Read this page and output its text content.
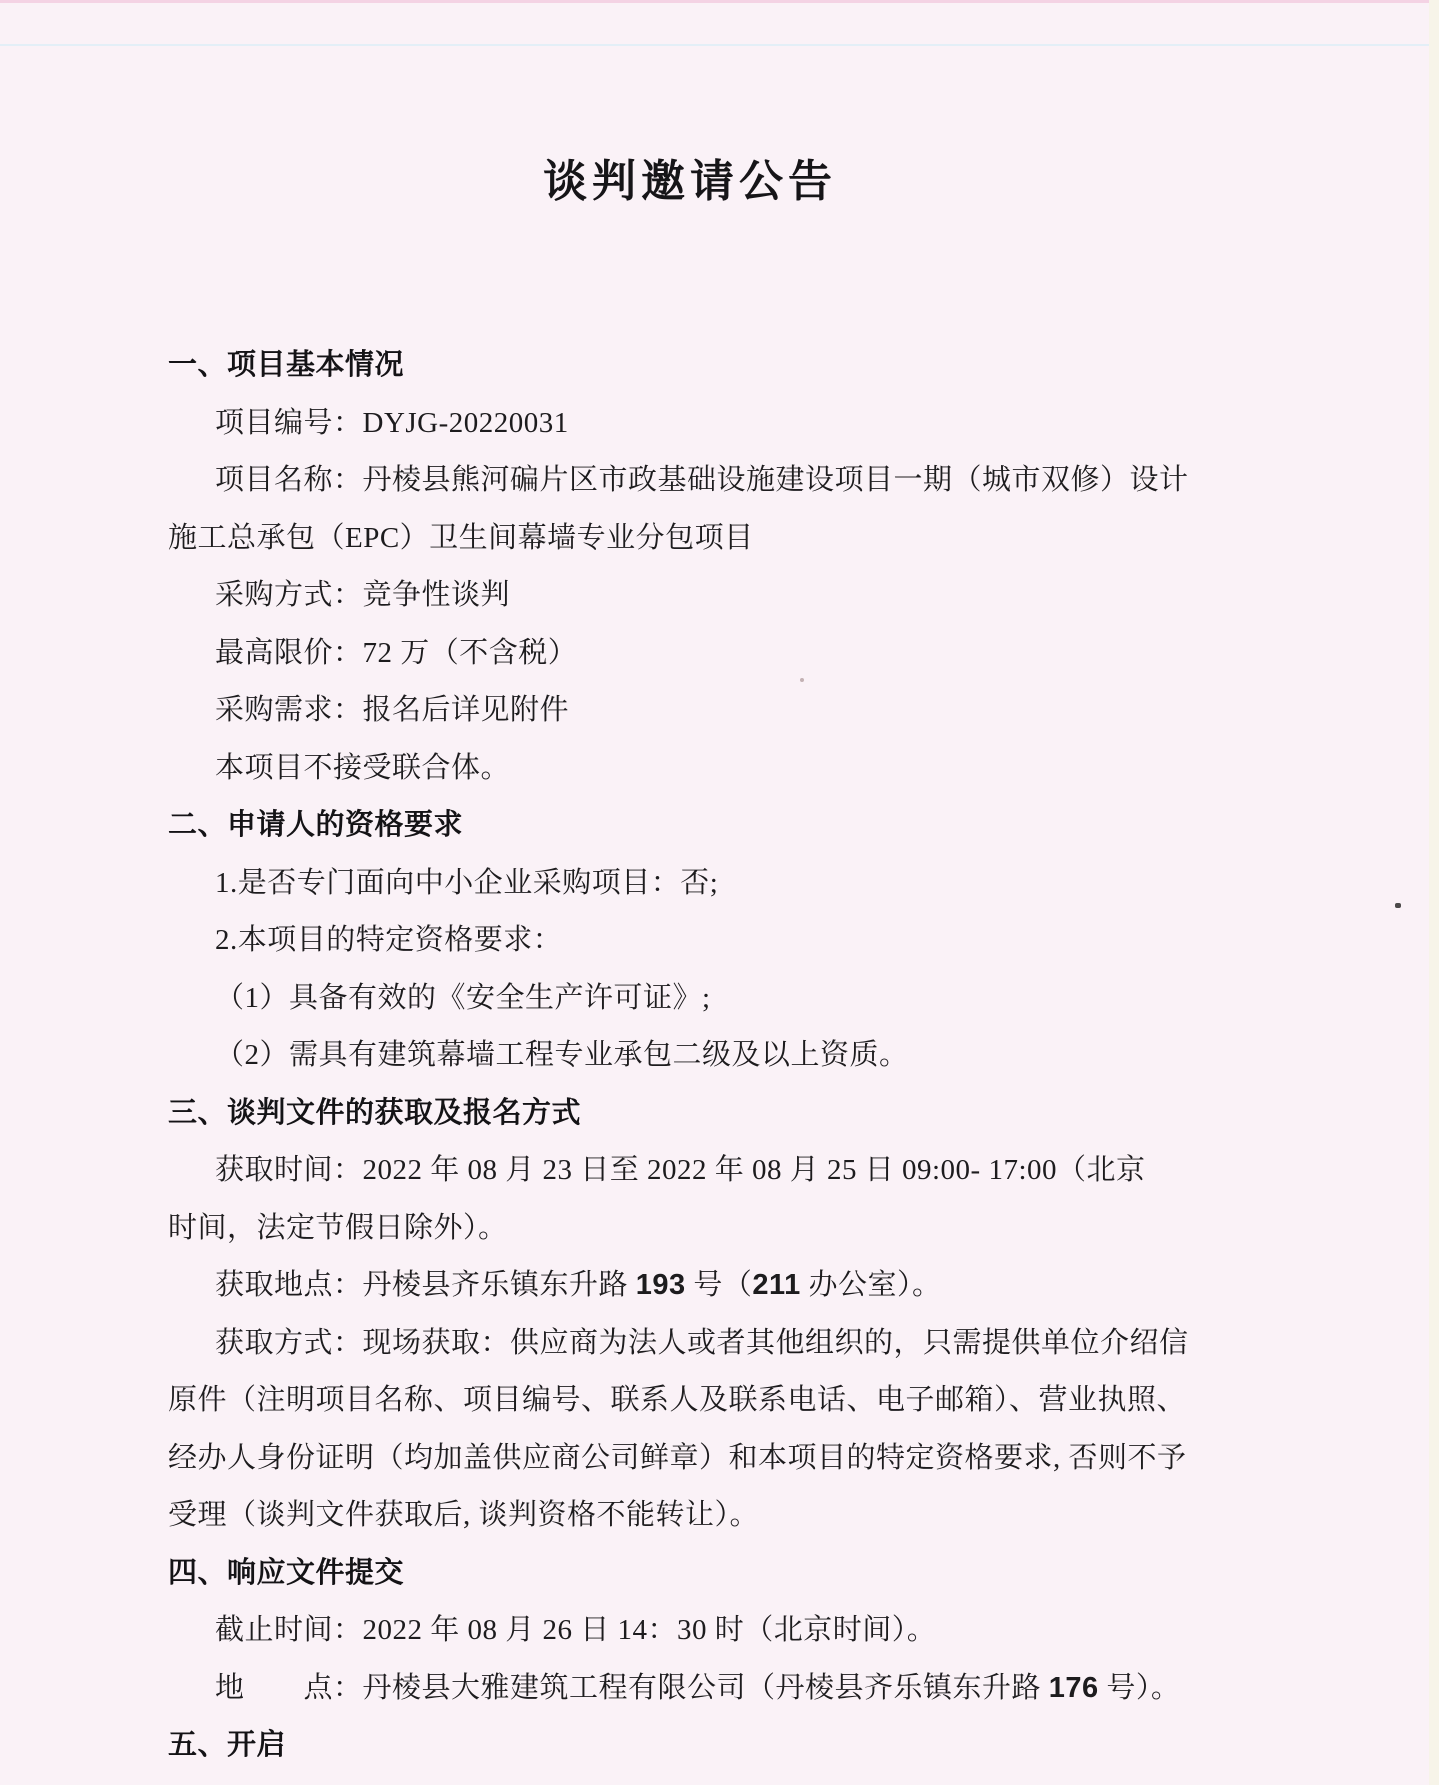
谈判邀请公告
一、项目基本情况
项目编号：DYJG-20220031
项目名称：丹棱县熊河碥片区市政基础设施建设项目一期（城市双修）设计
施工总承包（EPC）卫生间幕墙专业分包项目
采购方式：竞争性谈判
最高限价：72 万（不含税）
采购需求：报名后详见附件
本项目不接受联合体。
二、申请人的资格要求
1.是否专门面向中小企业采购项目：否;
2.本项目的特定资格要求：
（1）具备有效的《安全生产许可证》;
（2）需具有建筑幕墙工程专业承包二级及以上资质。
三、谈判文件的获取及报名方式
获取时间：2022 年 08 月 23 日至 2022 年 08 月 25 日 09:00- 17:00（北京
时间，法定节假日除外）。
获取地点：丹棱县齐乐镇东升路 193 号（211 办公室）。
获取方式：现场获取：供应商为法人或者其他组织的，只需提供单位介绍信
原件（注明项目名称、项目编号、联系人及联系电话、电子邮箱）、营业执照、
经办人身份证明（均加盖供应商公司鲜章）和本项目的特定资格要求, 否则不予
受理（谈判文件获取后, 谈判资格不能转让）。
四、响应文件提交
截止时间：2022 年 08 月 26 日 14：30 时（北京时间）。
地　　点：丹棱县大雅建筑工程有限公司（丹棱县齐乐镇东升路 176 号）。
五、开启
